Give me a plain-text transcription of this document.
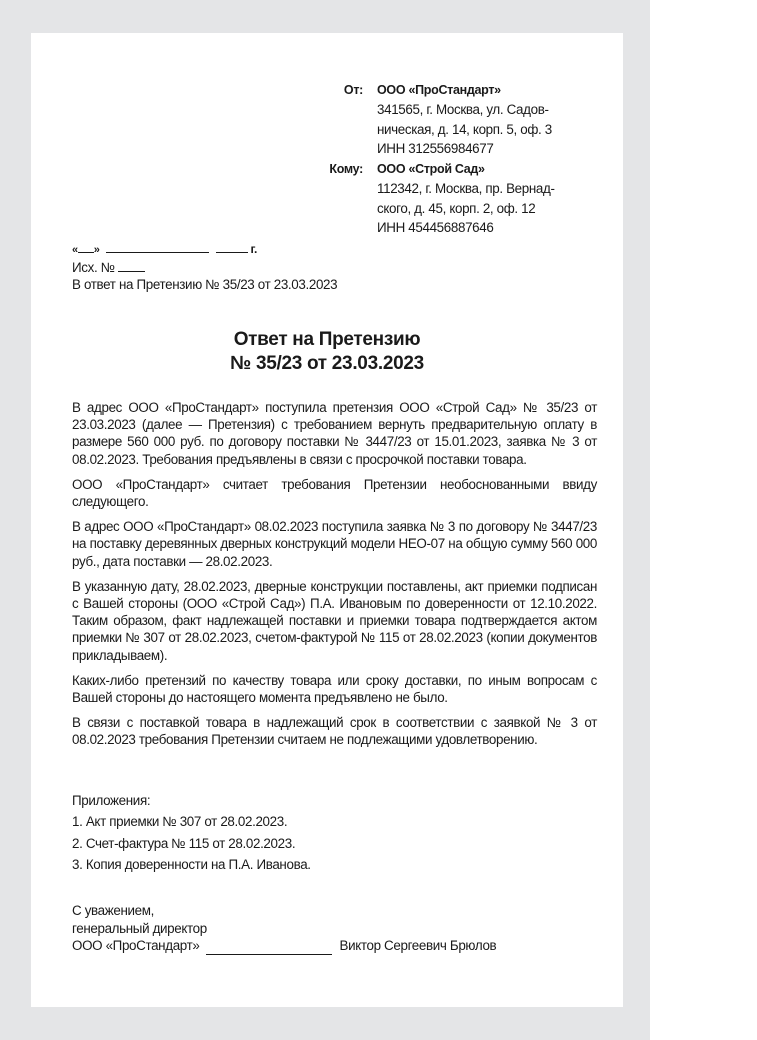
От:	ООО «ПроСтандарт»
341565, г. Москва, ул. Садов-
ническая, д. 14, корп. 5, оф. 3
ИНН 312556984677
Кому:	ООО «Строй Сад»
112342, г. Москва, пр. Вернад-
ского, д. 45, корп. 2, оф. 12
ИНН 454456887646
« »	г.
Исх. №
В ответ на Претензию № 35/23 от 23.03.2023
Ответ на Претензию
№ 35/23 от 23.03.2023

В адрес ООО «ПроСтандарт» поступила претензия ООО «Строй Сад» № 35/23 от 23.03.2023 (далее — Претензия) с требованием вернуть предварительную оплату в размере 560 000 руб. по договору поставки № 3447/23 от 15.01.2023, заявка № 3 от 08.02.2023. Требования предъявлены в связи с просрочкой поставки товара.

ООО «ПроСтандарт» считает требования Претензии необоснованными ввиду следующего.

В адрес ООО «ПроСтандарт» 08.02.2023 поступила заявка № 3 по договору № 3447/23 на поставку деревянных дверных конструкций модели НЕО-07 на общую сумму 560 000 руб., дата поставки — 28.02.2023.

В указанную дату, 28.02.2023, дверные конструкции поставлены, акт приемки подписан с Вашей стороны (ООО «Строй Сад») П.А. Ивановым по доверенности от 12.10.2022. Таким образом, факт надлежащей поставки и приемки товара подтверждается актом приемки № 307 от 28.02.2023, счетом-фактурой № 115 от 28.02.2023 (копии документов прикладываем).

Каких-либо претензий по качеству товара или сроку доставки, по иным вопросам с Вашей стороны до настоящего момента предъявлено не было.

В связи с поставкой товара в надлежащий срок в соответствии с заявкой № 3 от 08.02.2023 требования Претензии считаем не подлежащими удовлетворению.

Приложения:
1. Акт приемки № 307 от 28.02.2023.
2. Счет-фактура № 115 от 28.02.2023.
3. Копия доверенности на П.А. Иванова.
С уважением,
генеральный директор
ООО «ПроСтандарт»	Виктор Сергеевич Брюлов
